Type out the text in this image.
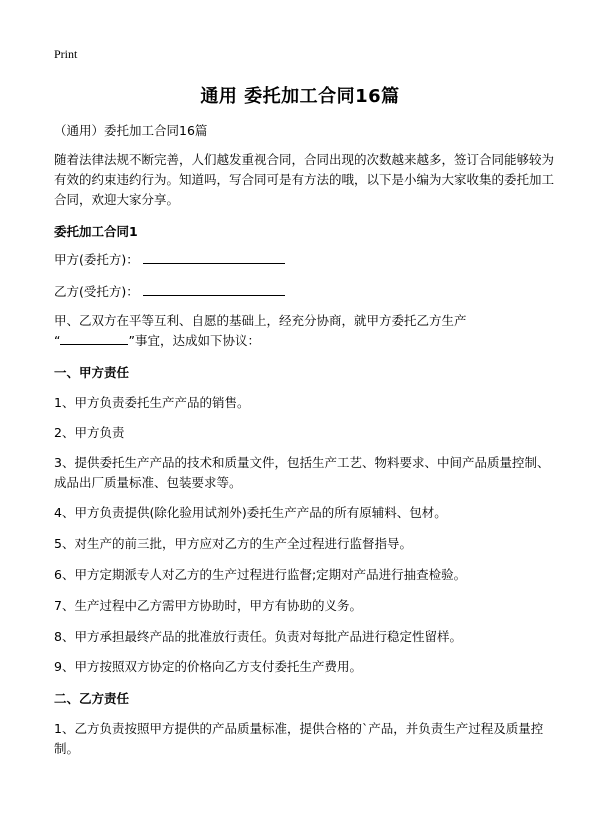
Print
通用 委托加工合同16篇

（通用）委托加工合同16篇

随着法律法规不断完善，人们越发重视合同，合同出现的次数越来越多，签订合同能够较为有效的约束违约行为。知道吗，写合同可是有方法的哦，以下是小编为大家收集的委托加工合同，欢迎大家分享。

委托加工合同1

甲方(委托方)：
乙方(受托方)：

甲、乙双方在平等互利、自愿的基础上，经充分协商，就甲方委托乙方生产
“	”事宜，达成如下协议：

一、甲方责任

1、甲方负责委托生产产品的销售。

2、甲方负责

3、提供委托生产产品的技术和质量文件，包括生产工艺、物料要求、中间产品质量控制、成品出厂质量标准、包装要求等。

4、甲方负责提供(除化验用试剂外)委托生产产品的所有原辅料、包材。

5、对生产的前三批，甲方应对乙方的生产全过程进行监督指导。

6、甲方定期派专人对乙方的生产过程进行监督;定期对产品进行抽查检验。

7、生产过程中乙方需甲方协助时，甲方有协助的义务。

8、甲方承担最终产品的批准放行责任。负责对每批产品进行稳定性留样。

9、甲方按照双方协定的价格向乙方支付委托生产费用。

二、乙方责任

1、乙方负责按照甲方提供的产品质量标准，提供合格的`产品，并负责生产过程及质量控制。
